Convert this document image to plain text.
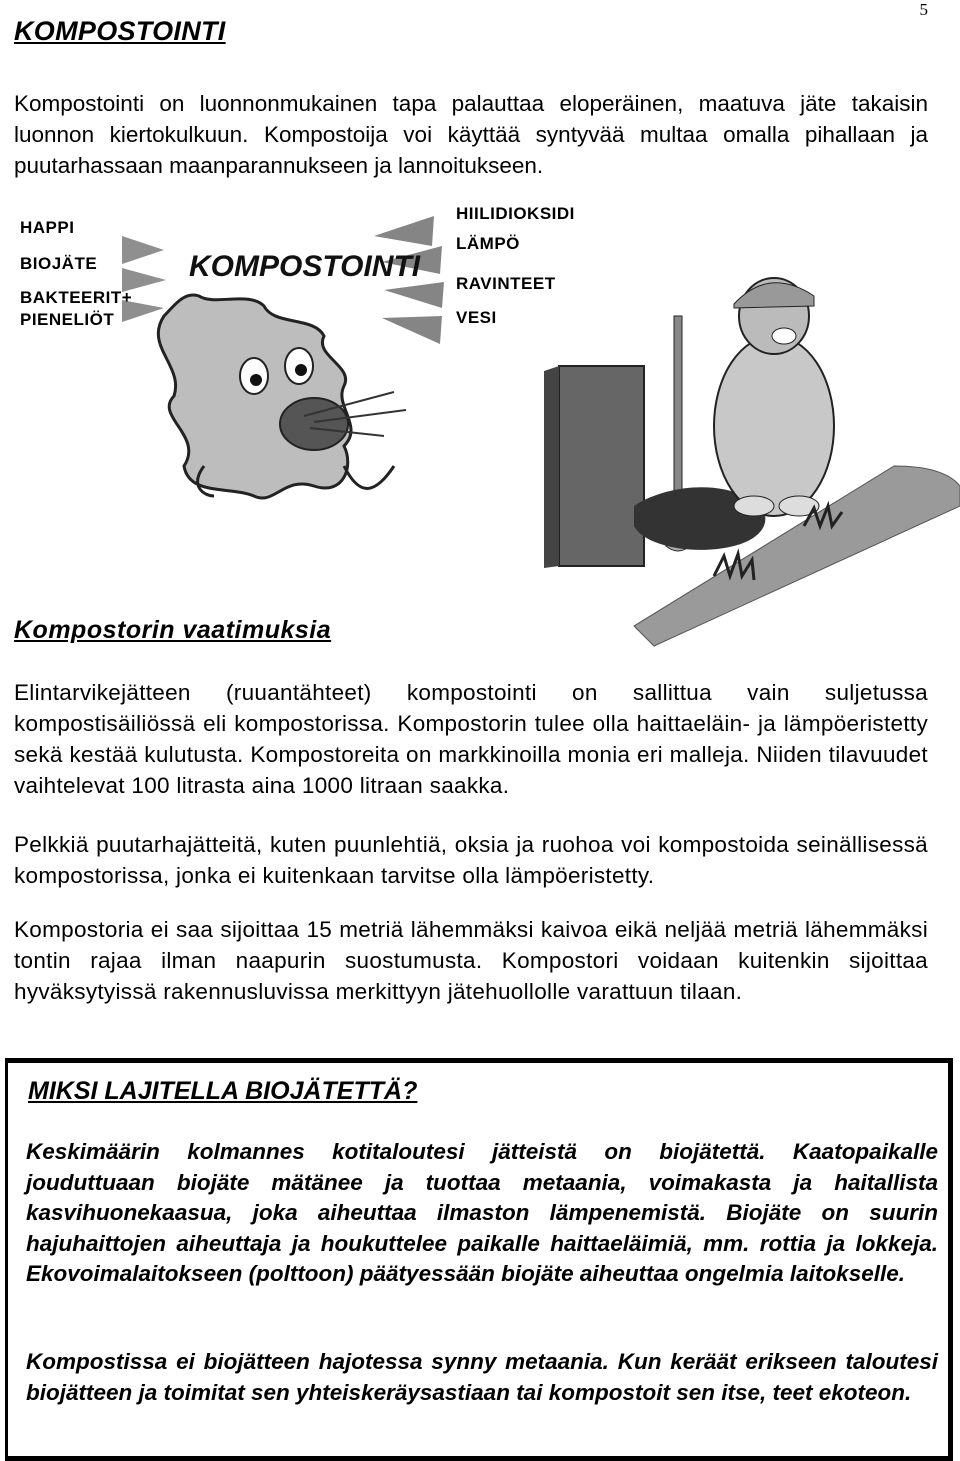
5
KOMPOSTOINTI
Kompostointi on luonnonmukainen tapa palauttaa eloperäinen, maatuva jäte takaisin luonnon kiertokulkuun. Kompostoija voi käyttää syntyvää multaa omalla pihallaan ja puutarhassaan maanparannukseen ja lannoitukseen.
KOMPOSTOINTI
HAPPI
BIOJÄTE
BAKTEERIT+
PIENELIÖT
HIILIDIOKSIDI
LÄMPÖ
RAVINTEET
VESI
Kompostorin vaatimuksia
Elintarvikejätteen (ruuantähteet) kompostointi on sallittua vain suljetussa kompostisäiliössä eli kompostorissa. Kompostorin tulee olla haittaeläin- ja lämpöeristetty sekä kestää kulutusta. Kompostoreita on markkinoilla monia eri malleja. Niiden tilavuudet vaihtelevat 100 litrasta aina 1000 litraan saakka.
Pelkkiä puutarhajätteitä, kuten puunlehtiä, oksia ja ruohoa voi kompostoida seinällisessä kompostorissa, jonka ei kuitenkaan tarvitse olla lämpöeristetty.
Kompostoria ei saa sijoittaa 15 metriä lähemmäksi kaivoa eikä neljää metriä lähemmäksi tontin rajaa ilman naapurin suostumusta. Kompostori voidaan kuitenkin sijoittaa hyväksytyissä rakennusluvissa merkittyyn jätehuollolle varattuun tilaan.
MIKSI LAJITELLA BIOJÄTETTÄ?
Keskimäärin kolmannes kotitaloutesi jätteistä on biojätettä. Kaatopaikalle jouduttuaan biojäte mätänee ja tuottaa metaania, voimakasta ja haitallista kasvihuonekaasua, joka aiheuttaa ilmaston lämpenemistä. Biojäte on suurin hajuhaittojen aiheuttaja ja houkuttelee paikalle haittaeläimiä, mm. rottia ja lokkeja. Ekovoimalaitokseen (polttoon) päätyessään biojäte aiheuttaa ongelmia laitokselle.
Kompostissa ei biojätteen hajotessa synny metaania. Kun keräät erikseen taloutesi biojätteen ja toimitat sen yhteiskeräysastiaan tai kompostoit sen itse, teet ekoteon.
